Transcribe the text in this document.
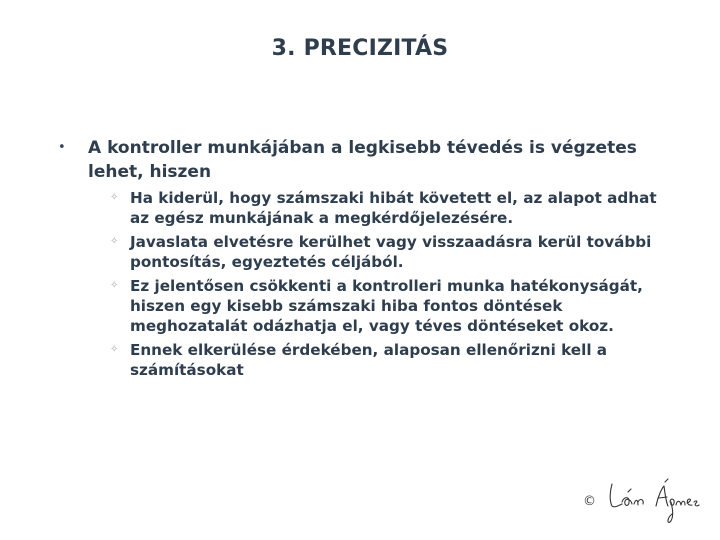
3. PRECIZITÁS
•	A kontroller munkájában a legkisebb tévedés is végzetes lehet, hiszen
✧ Ha kiderül, hogy számszaki hibát követett el, az alapot adhat az egész munkájának a megkérdőjelezésére.
✧ Javaslata elvetésre kerülhet vagy visszaadásra kerül további pontosítás, egyeztetés céljából.
✧ Ez jelentősen csökkenti a kontrolleri munka hatékonyságát, hiszen egy kisebb számszaki hiba fontos döntések meghozatalát odázhatja el, vagy téves döntéseket okoz.
✧ Ennek elkerülése érdekében, alaposan ellenőrizni kell a számításokat
©
